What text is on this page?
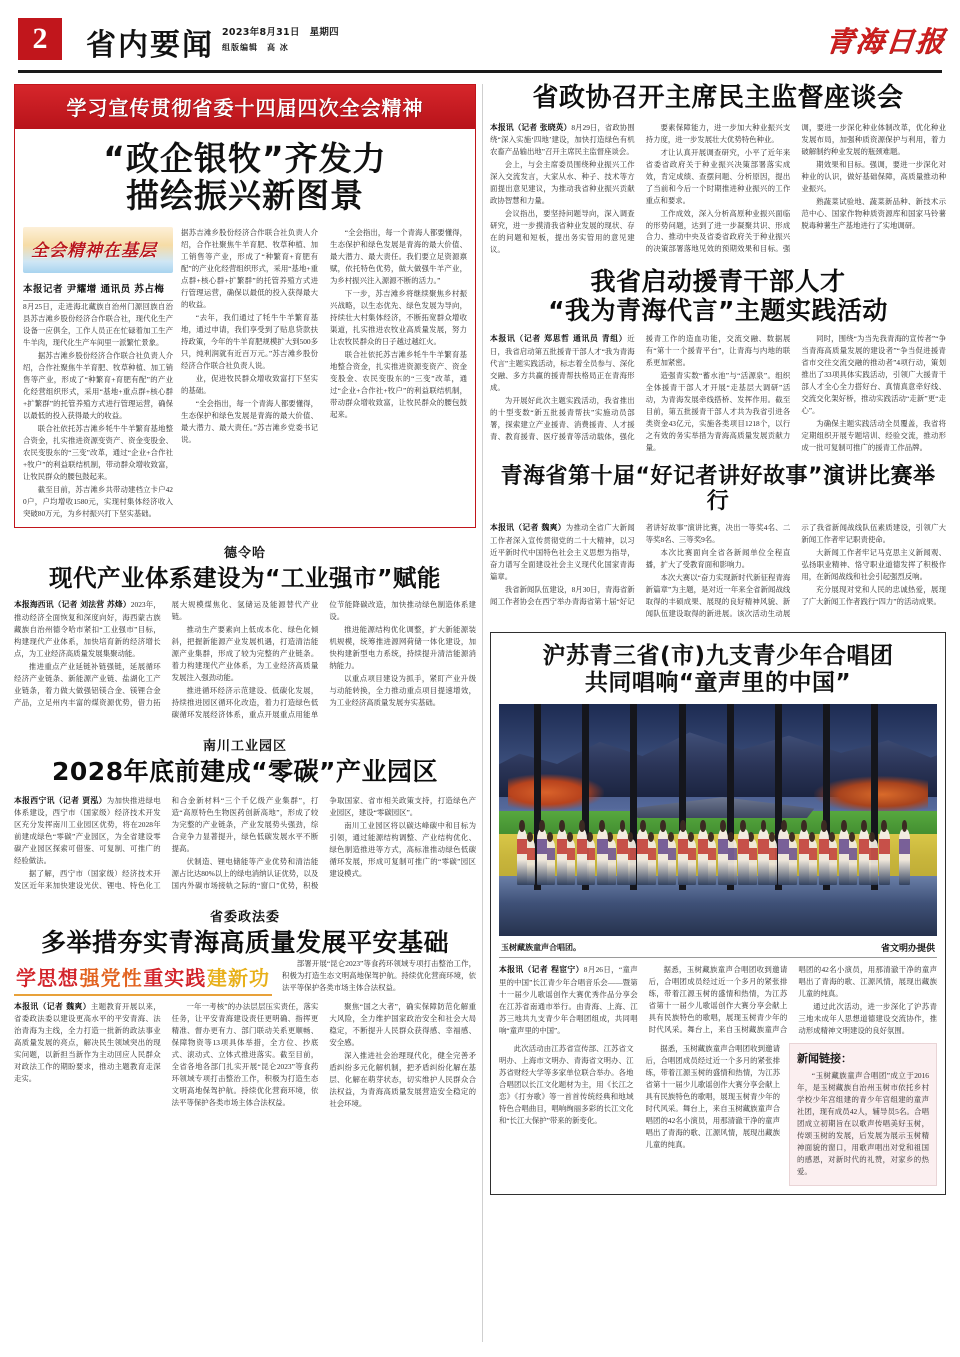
2	省内要闻 2023年8月31日　星期四
组版编辑　高 冰	青海日报
学习宣传贯彻省委十四届四次全会精神
“政企银牧”齐发力
描绘振兴新图景
全会精神在基层
本报记者 尹耀增 通讯员 苏占梅

8月25日，走进海北藏族自治州门源回族自治县苏吉滩乡股份经济合作联合社，现代化生产设备一应俱全，工作人员正在忙碌着加工生产牛羊肉，现代化生产车间里一派繁忙景象。

据苏吉滩乡股份经济合作联合社负责人介绍，合作社聚焦牛羊育肥、牧草种植、加工销售等产业，形成了“种繁育+育肥有配”的产业化经营组织形式，采用“基地+重点群+核心群+扩繁群”的托管养殖方式进行管理运营，确保以最低的投入获得最大的收益。

联合社依托苏吉滩乡牦牛牛羊繁育基地整合资金，扎实推进资源变资产、资金变股金、农民变股东的“三变”改革，通过“企业+合作社+牧户”的利益联结机制，带动群众增收致富，让牧民群众的腰包鼓起来。

截至目前，苏吉滩乡共带动建档立卡户420户，户均增收1580元，实现村集体经济收入突破80万元，为乡村振兴打下坚实基础。

据苏吉滩乡股份经济合作联合社负责人介绍，合作社聚焦牛羊育肥、牧草种植、加工销售等产业，形成了“种繁育+育肥有配”的产业化经营组织形式，采用“基地+重点群+核心群+扩繁群”的托管养殖方式进行管理运营，确保以最低的投入获得最大的收益。

“去年，我们通过了牦牛牛羊繁育基地，通过申请，我们享受到了贴息贷款扶持政策，今年的牛羊育肥规模扩大到500多只，纯利润就有近百万元。”苏吉滩乡股份经济合作联合社负责人说。

业，促进牧民群众增收致富打下坚实的基础。

“全会指出，每一个青海人都要懂得，生态保护和绿色发展是青海的最大价值、最大潜力、最大责任。”苏吉滩乡党委书记说。

“全会指出，每一个青海人都要懂得，生态保护和绿色发展是青海的最大价值、最大潜力、最大责任。我们要立足资源禀赋，依托特色优势，做大做强牛羊产业，为乡村振兴注入源源不断的活力。”

下一步，苏吉滩乡将继续聚焦乡村振兴战略，以生态优先、绿色发展为导向，持续壮大村集体经济，不断拓宽群众增收渠道，扎实推进农牧业高质量发展，努力让农牧民群众的日子越过越红火。

联合社依托苏吉滩乡牦牛牛羊繁育基地整合资金，扎实推进资源变资产、资金变股金、农民变股东的“三变”改革，通过“企业+合作社+牧户”的利益联结机制，带动群众增收致富，让牧民群众的腰包鼓起来。

德令哈
现代产业体系建设为“工业强市”赋能

本报海西讯（记者 刘法营 苏烽）2023年，推动经济全面恢复和深度向好，海西蒙古族藏族自治州德令哈市紧扣“工业强市”目标，构建现代产业体系，加快培育新的经济增长点，为工业经济高质量发展集聚动能。

推进重点产业延链补链强链，延展循环经济产业链条、新能源产业链、盐湖化工产业链条，着力做大做强铝镁合金、镁锂合金产品，立足州内丰富的煤资源优势，借力拓展大规模煤焦化、氢储运及能源替代产业链。

推动生产要素向上低成本化、绿色化倾斜，把握新能源产业发展机遇，打造清洁能源产业集群，形成了较为完整的产业链条。着力构建现代产业体系，为工业经济高质量发展注入强劲动能。

推进循环经济示范建设、低碳化发展，持续推进园区循环化改造，着力打造绿色低碳循环发展经济体系，重点开展重点用能单位节能降碳改造，加快推动绿色制造体系建设。

推进能源结构优化调整，扩大新能源装机规模，统筹推进源网荷储一体化建设，加快构建新型电力系统，持续提升清洁能源消纳能力。

以重点项目建设为抓手，紧盯产业升级与动能转换，全力推动重点项目提速增效，为工业经济高质量发展夯实基础。

南川工业园区
2028年底前建成“零碳”产业园区

本报西宁讯（记者 贾泓）为加快推进绿电体系建设，西宁市（国家级）经济技术开发区充分发挥南川工业园区优势，将在2028年前建成绿色“零碳”产业园区，为全省建设零碳产业园区探索可借鉴、可复制、可推广的经验做法。

据了解，西宁市（国家级）经济技术开发区近年来加快建设光伏、锂电、特色化工和合金新材料“三个千亿级产业集群”，打造“高原特色生物医药创新高地”，形成了较为完整的产业链条，产业发展势头强劲，综合竞争力显著提升，绿色低碳发展水平不断提高。

伏制造、锂电储能等产业优势和清洁能源占比达80%以上的绿电消纳认证优势，以及国内外碳市场接轨之际的“窗口”优势，积极争取国家、省市相关政策支持，打造绿色产业园区，建设“零碳园区”。

南川工业园区将以碳达峰碳中和目标为引领，通过能源结构调整、产业结构优化、绿色制造推进等方式，高标准推动绿色低碳循环发展，形成可复制可推广的“零碳”园区建设模式。

省委政法委
多举措夯实青海高质量发展平安基础
学思想 强党性 重实践 建新功

部署开展“昆仑2023”等食药环领域专项打击整治工作，积极为打造生态文明高地保驾护航。持续优化营商环境，依法平等保护各类市场主体合法权益。

本报讯（记者 魏爽）主题教育开展以来，省委政法委以建设更高水平的平安青海、法治青海为主线，全力打造一批新的政法事业高质量发展的亮点，解决民生领域突出的现实问题，以新担当新作为主动回应人民群众对政法工作的期盼要求，推动主题教育走深走实。

一年一考核”的办法层层压实责任，落实任务，让平安青海建设责任更明确、指挥更精准、督办更有力、部门联动关系更顺畅、保障物资等13项具体举措，全方位、抄底式、滚动式、立体式推进落实。截至目前，全省各地各部门扎实开展“昆仑2023”等食药环领域专项打击整治工作，积极为打造生态文明高地保驾护航。持续优化营商环境，依法平等保护各类市场主体合法权益。

聚焦“国之大者”，确实保障防范化解重大风险，全力维护国家政治安全和社会大局稳定，不断提升人民群众获得感、幸福感、安全感。

深入推进社会治理现代化，健全完善矛盾纠纷多元化解机制，把矛盾纠纷化解在基层、化解在萌芽状态，切实维护人民群众合法权益，为青海高质量发展营造安全稳定的社会环境。

省政协召开主席民主监督座谈会

本报讯（记者 张晓英）8月29日，省政协围绕“深入实施‘四地’建设，加快打造绿色有机农畜产品输出地”召开主席民主监督座谈会。

会上，与会主席委员围绕种业振兴工作深入交流发言，大家从水、种子、技术等方面提出意见建议，为推动我省种业振兴贡献政协智慧和力量。

会议指出，要坚持问题导向，深入调查研究，进一步摸清我省种业发展的现状、存在的问题和短板，提出务实管用的意见建议。

要素保障能力，进一步加大种业振兴支持力度，进一步发展壮大优势特色种业。

才让认真开展调查研究，小平了近年来省委省政府关于种业振兴决策部署落实成效，肯定成绩、查摆问题、分析原因，提出了当前和今后一个时期推进种业振兴的工作重点和要求。

工作成效，深入分析高原种业振兴面临的形势问题，达到了进一步凝聚共识、形成合力、推动中央及省委省政府关于种业振兴的决策部署落地见效的预期效果和目标。强调，要进一步深化种业体制改革，优化种业发展布局，加强种质资源保护与利用，着力破解制约种业发展的瓶颈难题。

期效果和目标。强调，要进一步深化对种业的认识，做好基础保障，高质量推动种业振兴。

熟蔬菜试验地、蔬菜新品种、新技术示范中心、国家作物种质资源库和国家马铃薯脱毒种薯生产基地进行了实地调研。

我省启动援青干部人才
“我为青海代言”主题实践活动

本报讯（记者 郑思哲 通讯员 青组）近日，我省启动第五批援青干部人才“我为青海代言”主题实践活动，标志着全员参与、深化交融、多方共赢的援青帮扶格局正在青海形成。

为开展好此次主题实践活动，我省推出的十型变数“新五批援青帮扶”实施动员部署，探索建立产业援青、消费援青、人才援青、教育援青、医疗援青等活动载体，强化援青工作的造血功能，交流交融、数据展有“第十一个援青平台”，让青海与内地的联系更加紧密。

造强青实数“蓄水池”与“活源泉”。组织全体援青干部人才开展“走基层大调研”活动，为青海发展牵线搭桥、发挥作用。截至目前，第五批援青干部人才共为我省引进各类资金43亿元，实施各类项目1218个，以行之有效的务实举措为青海高质量发展贡献力量。

同时，围绕“为当先我青海的宣传者”“争当青海高质量发展的建设者”“争当促进援青省市交往交流交融的推动者”4项行动，策划推出了33项具体实践活动，引领广大援青干部人才全心全力搭好台、真情真意牵好线、交流交化架好桥，推动实践活动“走新”更“走心”。

为确保主题实践活动全员覆盖，我省将定期组织开展专题培训、经验交流，推动形成一批可复制可推广的援青工作品牌。

青海省第十届“好记者讲好故事”演讲比赛举行

本报讯（记者 魏爽）为推动全省广大新闻工作者深入宣传贯彻党的二十大精神，以习近平新时代中国特色社会主义思想为指导，奋力谱写全面建设社会主义现代化国家青海篇章。

我省新闻队伍建设，8月30日，青海省新闻工作者协会在西宁举办青海省第十届“好记者讲好故事”演讲比赛，决出一等奖4名、二等奖8名、三等奖9名。

本次比赛面向全省各新闻单位全程直播，扩大了受教育面和影响力。

本次大赛以“奋力实现新时代新征程青海新篇章”为主题，是对近一年来全省新闻战线取得的丰硕成果、展现的良好精神风貌、新闻队伍建设取得的新进展。该次活动生动展示了我省新闻战线队伍素质建设，引领广大新闻工作者牢记职责使命。

大新闻工作者牢记马克思主义新闻观、弘扬职业精神、恪守职业道德发挥了积极作用，在新闻战线和社会引起强烈反响。

充分展现对党和人民的忠诚热爱，展现了广大新闻工作者践行“四力”的活动成果。

沪苏青三省(市)九支青少年合唱团
共同唱响“童声里的中国”
玉树藏族童声合唱团。	省文明办提供

本报讯（记者 程宦宁）8月26日，“童声里的中国”长江青少年合唱音乐会——暨第十一届少儿歌谣创作大赛优秀作品分享会在江苏省南通市举行。由青海、上海、江苏三地共九支青少年合唱团组成，共同唱响“童声里的中国”。

据悉，玉树藏族童声合唱团收到邀请后，合唱团成员经过近一个多月的紧张排练，带着江源玉树的盛情和热情，为江苏省第十一届少儿歌谣创作大赛分享会献上具有民族特色的歌唱，展现玉树青少年的时代风采。舞台上，来自玉树藏族童声合唱团的42名小演员，用那清澈干净的童声唱出了青海的歌、江源风情，展现出藏族儿童的纯真。

通过此次活动，进一步深化了沪苏青三地未成年人思想道德建设交流协作，推动形成精神文明建设的良好氛围。

此次活动由江苏省宣传部、江苏省文明办、上海市文明办、青海省文明办、江苏省财经大学等多家单位联合举办。各地合唱团以长江文化题材为主，用《长江之恋》《打夯歌》等一首首传统经典和地域特色合唱曲目，唱响绚丽多彩的长江文化和“长江大保护”带来的新变化。

据悉，玉树藏族童声合唱团收到邀请后，合唱团成员经过近一个多月的紧张排练，带着江源玉树的盛情和热情，为江苏省第十一届少儿歌谣创作大赛分享会献上具有民族特色的歌唱，展现玉树青少年的时代风采。舞台上，来自玉树藏族童声合唱团的42名小演员，用那清澈干净的童声唱出了青海的歌、江源风情，展现出藏族儿童的纯真。

新闻链接：

“玉树藏族童声合唱团”成立于2016年，是玉树藏族自治州玉树市依托乡村学校少年宫组建的青少年宫组建的童声社团，现有成员42人，辅导员5名。合唱团成立初期旨在以歌声传唱美好玉树，传颂玉树的发展，后发展为展示玉树精神面貌的窗口，用歌声唱出对党和祖国的感恩，对新时代的礼赞，对家乡的热爱。
